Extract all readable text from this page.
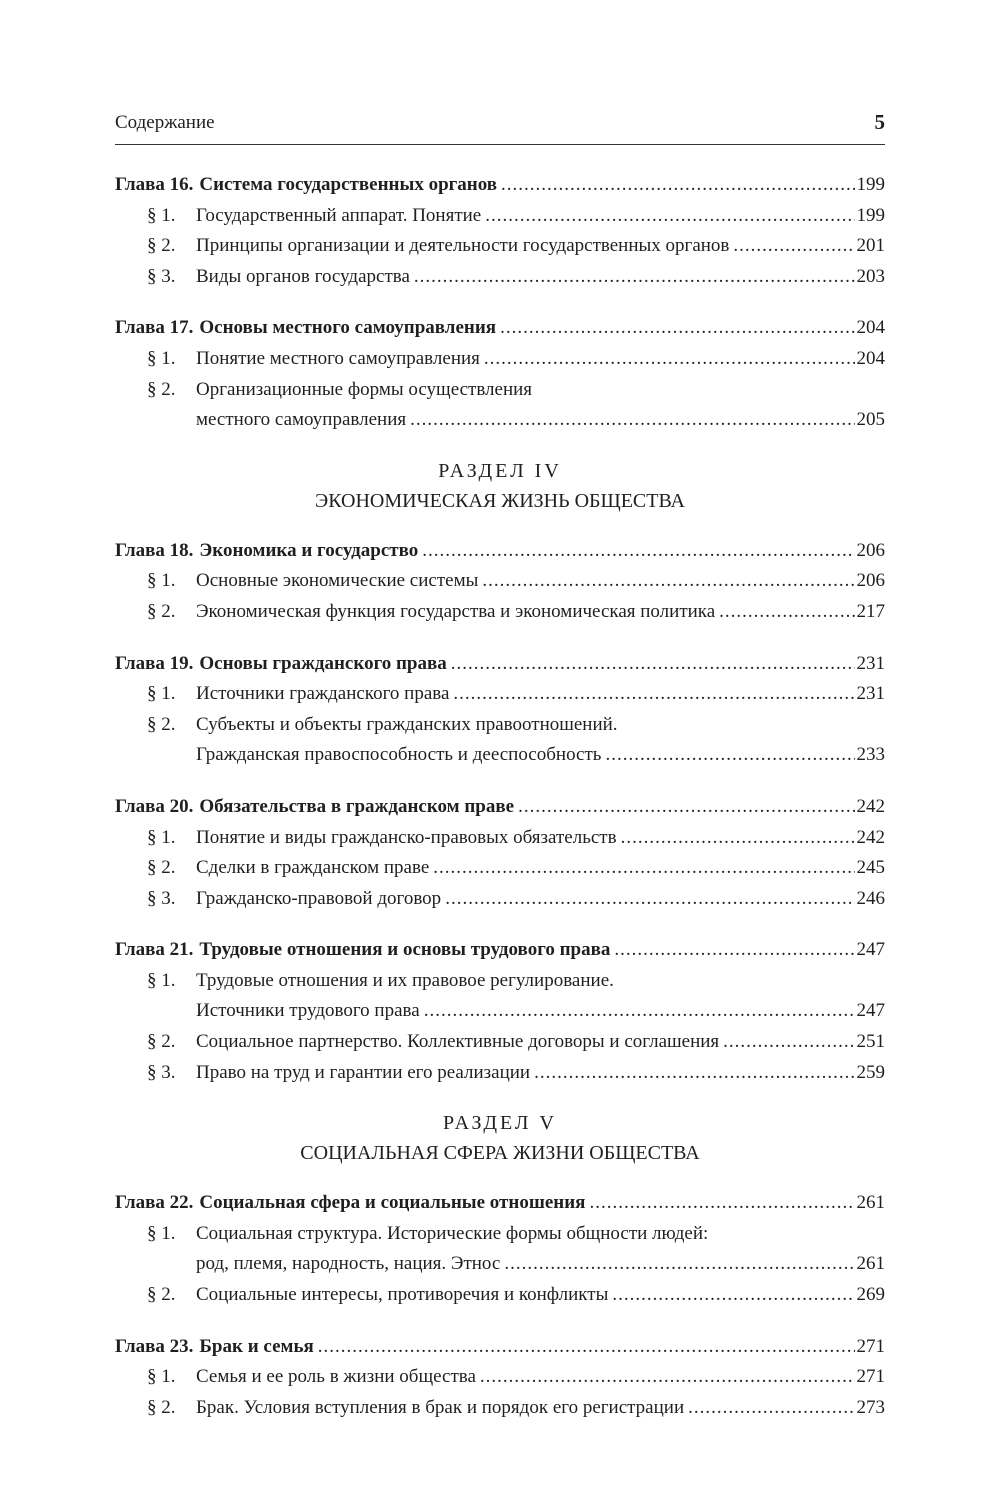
Содержание	5
Глава 16. Система государственных органов .....	199
§ 1.	Государственный аппарат. Понятие .....	199
§ 2.	Принципы организации и деятельности государственных органов .....	201
§ 3.	Виды органов государства .....	203
Глава 17. Основы местного самоуправления .....	204
§ 1.	Понятие местного самоуправления .....	204
§ 2.	Организационные формы осуществления
местного самоуправления .....	205
РАЗДЕЛ IV
ЭКОНОМИЧЕСКАЯ ЖИЗНЬ ОБЩЕСТВА
Глава 18. Экономика и государство .....	206
§ 1.	Основные экономические системы .....	206
§ 2.	Экономическая функция государства и экономическая политика .....	217
Глава 19. Основы гражданского права .....	231
§ 1.	Источники гражданского права .....	231
§ 2.	Субъекты и объекты гражданских правоотношений.
Гражданская правоспособность и дееспособность .....	233
Глава 20. Обязательства в гражданском праве .....	242
§ 1.	Понятие и виды гражданско-правовых обязательств .....	242
§ 2.	Сделки в гражданском праве .....	245
§ 3.	Гражданско-правовой договор .....	246
Глава 21. Трудовые отношения и основы трудового права .....	247
§ 1.	Трудовые отношения и их правовое регулирование.
Источники трудового права .....	247
§ 2.	Социальное партнерство. Коллективные договоры и соглашения .....	251
§ 3.	Право на труд и гарантии его реализации .....	259
РАЗДЕЛ V
СОЦИАЛЬНАЯ СФЕРА ЖИЗНИ ОБЩЕСТВА
Глава 22. Социальная сфера и социальные отношения .....	261
§ 1.	Социальная структура. Исторические формы общности людей:
род, племя, народность, нация. Этнос .....	261
§ 2.	Социальные интересы, противоречия и конфликты .....	269
Глава 23. Брак и семья .....	271
§ 1.	Семья и ее роль в жизни общества .....	271
§ 2.	Брак. Условия вступления в брак и порядок его регистрации .....	273
